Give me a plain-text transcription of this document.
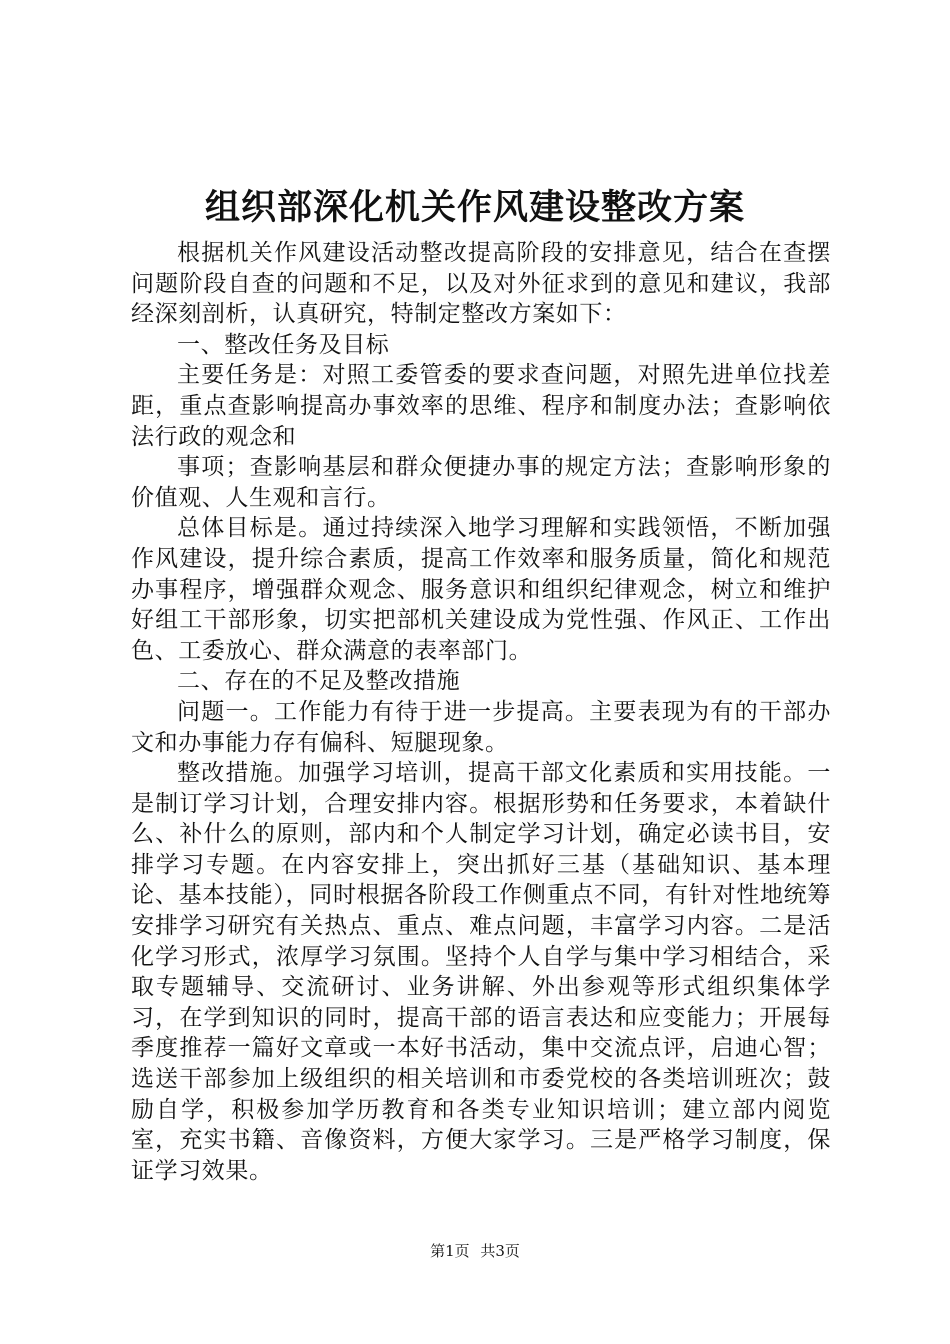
组织部深化机关作风建设整改方案

根据机关作风建设活动整改提高阶段的安排意见，结合在查摆问题阶段自查的问题和不足，以及对外征求到的意见和建议，我部经深刻剖析，认真研究，特制定整改方案如下：

一、整改任务及目标

主要任务是：对照工委管委的要求查问题，对照先进单位找差距，重点查影响提高办事效率的思维、程序和制度办法；查影响依法行政的观念和

事项；查影响基层和群众便捷办事的规定方法；查影响形象的价值观、人生观和言行。

总体目标是。通过持续深入地学习理解和实践领悟，不断加强作风建设，提升综合素质，提高工作效率和服务质量，简化和规范办事程序，增强群众观念、服务意识和组织纪律观念，树立和维护好组工干部形象，切实把部机关建设成为党性强、作风正、工作出色、工委放心、群众满意的表率部门。

二、存在的不足及整改措施

问题一。工作能力有待于进一步提高。主要表现为有的干部办文和办事能力存有偏科、短腿现象。

整改措施。加强学习培训，提高干部文化素质和实用技能。一是制订学习计划，合理安排内容。根据形势和任务要求，本着缺什么、补什么的原则，部内和个人制定学习计划，确定必读书目，安排学习专题。在内容安排上，突出抓好三基（基础知识、基本理论、基本技能），同时根据各阶段工作侧重点不同，有针对性地统筹安排学习研究有关热点、重点、难点问题，丰富学习内容。二是活化学习形式，浓厚学习氛围。坚持个人自学与集中学习相结合，采取专题辅导、交流研讨、业务讲解、外出参观等形式组织集体学习，在学到知识的同时，提高干部的语言表达和应变能力；开展每季度推荐一篇好文章或一本好书活动，集中交流点评，启迪心智；选送干部参加上级组织的相关培训和市委党校的各类培训班次；鼓励自学，积极参加学历教育和各类专业知识培训；建立部内阅览室，充实书籍、音像资料，方便大家学习。三是严格学习制度，保证学习效果。

第1页 共3页
